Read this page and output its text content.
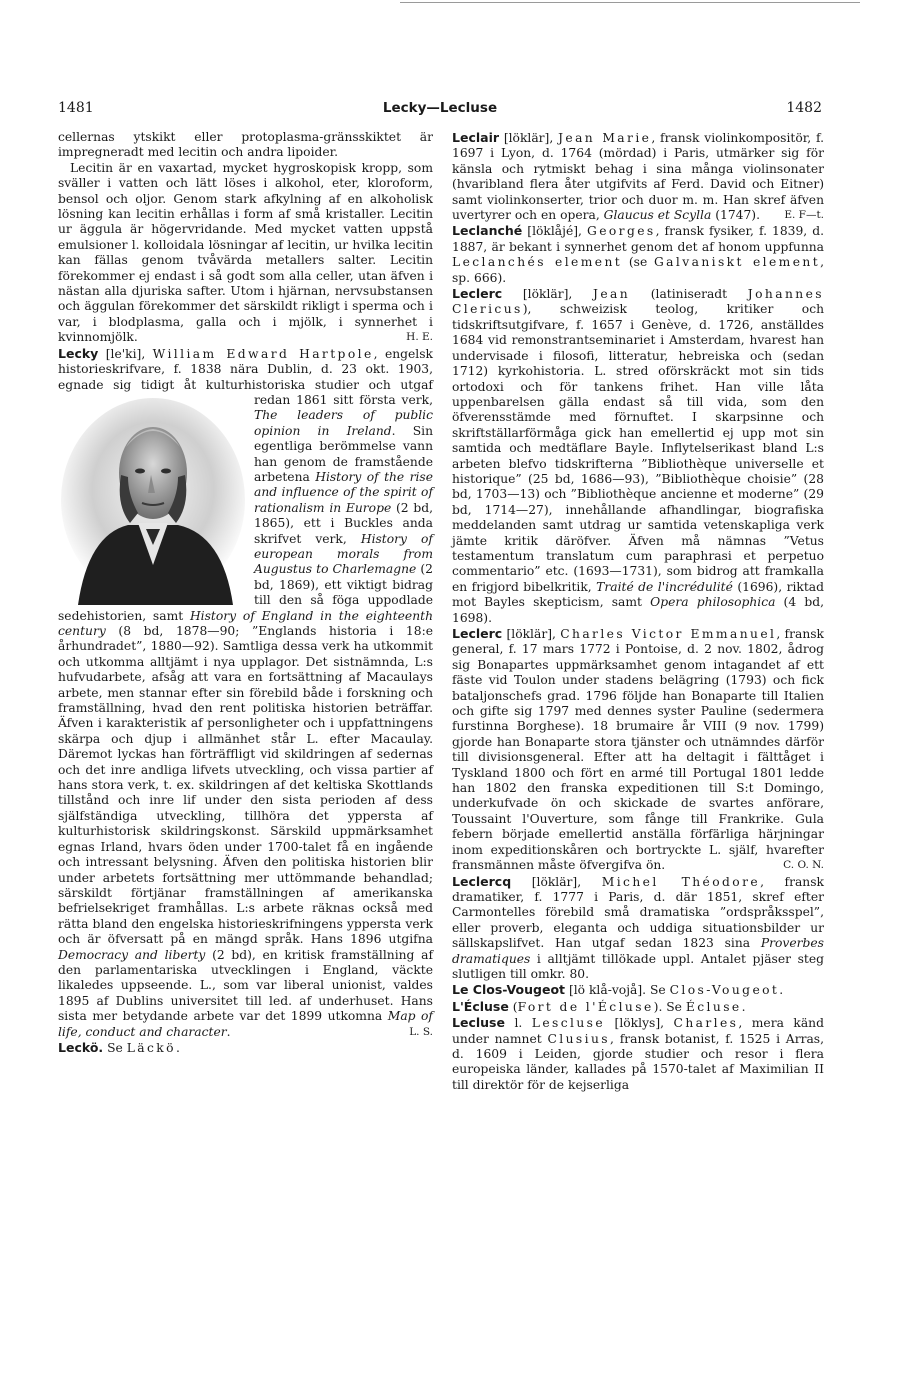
1481	Lecky—Lecluse	1482

cellernas ytskikt eller protoplasma-gränsskiktet är impregneradt med lecitin och andra lipoider.

Lecitin är en vaxartad, mycket hygroskopisk kropp, som sväller i vatten och lätt löses i alkohol, eter, kloroform, bensol och oljor. Genom stark afkylning af en alkoholisk lösning kan lecitin erhållas i form af små kristaller. Lecitin ur äggula är högervridande. Med mycket vatten uppstå emulsioner l. kolloidala lösningar af lecitin, ur hvilka lecitin kan fällas genom tvåvärda metallers salter. Lecitin förekommer ej endast i så godt som alla celler, utan äfven i nästan alla djuriska safter. Utom i hjärnan, nervsubstansen och äggulan förekommer det särskildt rikligt i sperma och i var, i blodplasma, galla och i mjölk, i synnerhet i kvinnomjölk.	H. E.

Lecky [le'ki], William Edward Hartpole, engelsk historieskrifvare, f. 1838 nära Dublin, d. 23 okt. 1903, egnade sig tidigt åt kulturhistoriska studier och utgaf redan 1861 sitt första verk,
The leaders of public opinion in Ireland. Sin egentliga berömmelse vann han genom de framstående arbetena History of the rise and influence of the spirit of rationalism in Europe (2 bd, 1865), ett i Buckles anda skrifvet verk, History of european morals from Augustus to Charlemagne (2 bd, 1869), ett viktigt bidrag till den så föga uppodlade sedehistorien, samt History of England in the eighteenth century (8 bd, 1878—90; ”Englands historia i 18:e århundradet”, 1880—92). Samtliga dessa verk ha utkommit och utkomma alltjämt i nya upplagor. Det sistnämnda, L:s hufvudarbete, afsåg att vara en fortsättning af Macaulays arbete, men stannar efter sin förebild både i forskning och framställning, hvad den rent politiska historien beträffar. Äfven i karakteristik af personligheter och i uppfattningens skärpa och djup i allmänhet står L. efter Macaulay. Däremot lyckas han förträffligt vid skildringen af sedernas och det inre andliga lifvets utveckling, och vissa partier af hans stora verk, t. ex. skildringen af det keltiska Skottlands tillstånd och inre lif under den sista perioden af dess själfständiga utveckling, tillhöra det yppersta af kulturhistorisk skildringskonst. Särskild uppmärksamhet egnas Irland, hvars öden under 1700-talet få en ingående och intressant belysning. Äfven den politiska historien blir under arbetets fortsättning mer uttömmande behandlad; särskildt förtjänar framställningen af amerikanska befrielsekriget framhållas. L:s arbete räknas också med rätta bland den engelska historieskrifningens yppersta verk och är öfversatt på en mängd språk. Hans 1896 utgifna Democracy and liberty (2 bd), en kritisk framställning af den parlamentariska utvecklingen i England, väckte likaledes uppseende. L., som var liberal unionist, valdes 1895 af Dublins universitet till led. af underhuset. Hans sista mer betydande arbete var det 1899 utkomna Map of life, conduct and character.	L. S.

Leckö. Se Läckö.

Leclair [löklär], Jean Marie, fransk violinkompositör, f. 1697 i Lyon, d. 1764 (mördad) i Paris, utmärker sig för känsla och rytmiskt behag i sina många violinsonater (hvaribland flera åter utgifvits af Ferd. David och Eitner) samt violinkonserter, trior och duor m. m. Han skref äfven uvertyrer och en opera, Glaucus et Scylla (1747). E. F—t.

Leclanché [löklåjé], Georges, fransk fysiker, f. 1839, d. 1887, är bekant i synnerhet genom det af honom uppfunna Leclanchés element (se Galvaniskt element, sp. 666).

Leclerc [löklär], Jean (latiniseradt Johannes Clericus), schweizisk teolog, kritiker och tidskriftsutgifvare, f. 1657 i Genève, d. 1726, anställdes 1684 vid remonstrantseminariet i Amsterdam, hvarest han undervisade i filosofi, litteratur, hebreiska och (sedan 1712) kyrkohistoria. L. stred oförskräckt mot sin tids ortodoxi och för tankens frihet. Han ville låta uppenbarelsen gälla endast så till vida, som den öfverensstämde med förnuftet. I skarpsinne och skriftställarförmåga gick han emellertid ej upp mot sin samtida och medtäflare Bayle. Inflytelserikast bland L:s arbeten blefvo tidskrifterna ”Bibliothèque universelle et historique” (25 bd, 1686—93), ”Bibliothèque choisie” (28 bd, 1703—13) och ”Bibliothèque ancienne et moderne” (29 bd, 1714—27), innehållande afhandlingar, biografiska meddelanden samt utdrag ur samtida vetenskapliga verk jämte kritik däröfver. Äfven må nämnas ”Vetus testamentum translatum cum paraphrasi et perpetuo commentario” etc. (1693—1731), som bidrog att framkalla en frigjord bibelkritik, Traité de l'incrédulité (1696), riktad mot Bayles skepticism, samt Opera philosophica (4 bd, 1698).

Leclerc [löklär], Charles Victor Emmanuel, fransk general, f. 17 mars 1772 i Pontoise, d. 2 nov. 1802, ådrog sig Bonapartes uppmärksamhet genom intagandet af ett fäste vid Toulon under stadens belägring (1793) och fick bataljonschefs grad. 1796 följde han Bonaparte till Italien och gifte sig 1797 med dennes syster Pauline (sedermera furstinna Borghese). 18 brumaire år VIII (9 nov. 1799) gjorde han Bonaparte stora tjänster och utnämndes därför till divisionsgeneral. Efter att ha deltagit i fälttåget i Tyskland 1800 och fört en armé till Portugal 1801 ledde han 1802 den franska expeditionen till S:t Domingo, underkufvade ön och skickade de svartes anförare, Toussaint l'Ouverture, som fånge till Frankrike. Gula febern började emellertid anställa förfärliga härjningar inom expeditionskåren och bortryckte L. själf, hvarefter fransmännen måste öfvergifva ön.	C. O. N.

Leclercq [löklär], Michel Théodore, fransk dramatiker, f. 1777 i Paris, d. där 1851, skref efter Carmontelles förebild små dramatiska ”ordspråksspel”, eller proverb, eleganta och uddiga situationsbilder ur sällskapslifvet. Han utgaf sedan 1823 sina Proverbes dramatiques i alltjämt tillökade uppl. Antalet pjäser steg slutligen till omkr. 80.

Le Clos-Vougeot [lö klå-vojå]. Se Clos-Vougeot.

L'Écluse (Fort de l'Écluse). Se Écluse.

Lecluse l. Lescluse [löklys], Charles, mera känd under namnet Clusius, fransk botanist, f. 1525 i Arras, d. 1609 i Leiden, gjorde studier och resor i flera europeiska länder, kallades på 1570-talet af Maximilian II till direktör för de kejserliga
